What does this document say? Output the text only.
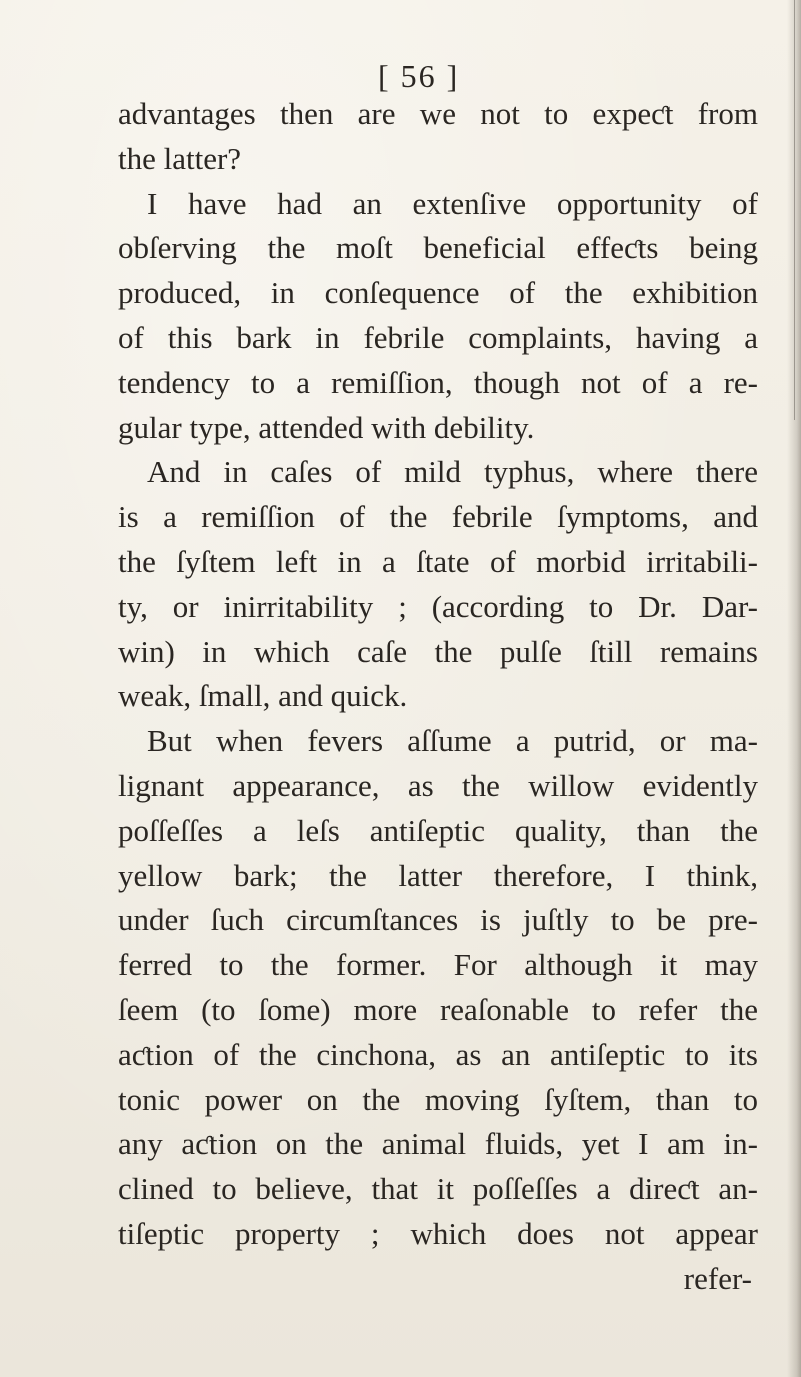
[ 56 ]
advantages then are we not to expeƈt from
the latter?
I have had an extenſive opportunity of
obſerving the moſt beneficial effeƈts being
produced, in conſequence of the exhibition
of this bark in febrile complaints, having a
tendency to a remiſſion, though not of a re-
gular type, attended with debility.
And in caſes of mild typhus, where there
is a remiſſion of the febrile ſymptoms, and
the ſyſtem left in a ſtate of morbid irritabili-
ty, or inirritability ; (according to Dr. Dar-
win) in which caſe the pulſe ſtill remains
weak, ſmall, and quick.
But when fevers aſſume a putrid, or ma-
lignant appearance, as the willow evidently
poſſeſſes a leſs antiſeptic quality, than the
yellow bark; the latter therefore, I think,
under ſuch circumſtances is juſtly to be pre-
ferred to the former. For although it may
ſeem (to ſome) more reaſonable to refer the
aƈtion of the cinchona, as an antiſeptic to its
tonic power on the moving ſyſtem, than to
any aƈtion on the animal fluids, yet I am in-
clined to believe, that it poſſeſſes a direƈt an-
tiſeptic property ; which does not appear
refer-
